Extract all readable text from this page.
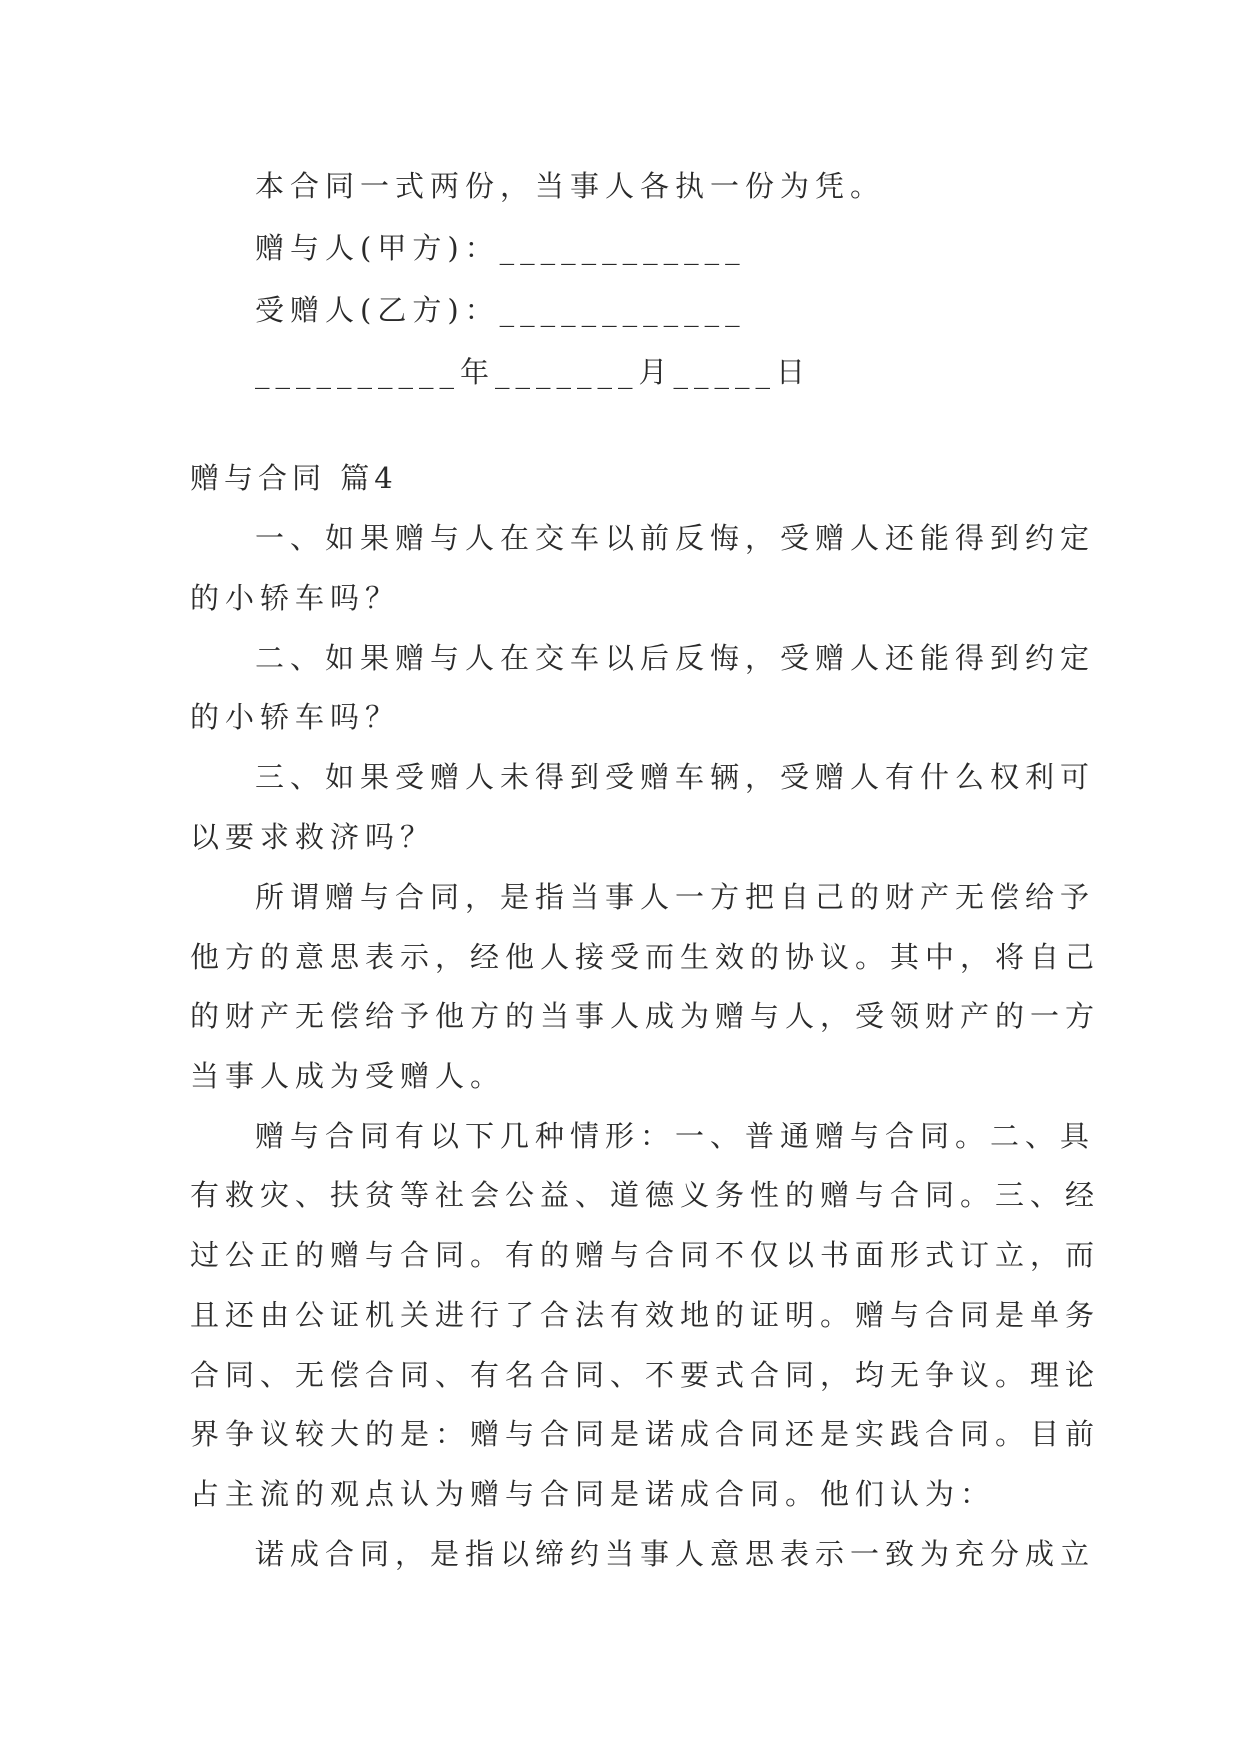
本合同一式两份，当事人各执一份为凭。
赠与人(甲方)：____________
受赠人(乙方)：____________
__________年_______月_____日
赠与合同 篇4
一、如果赠与人在交车以前反悔，受赠人还能得到约定
的小轿车吗？
二、如果赠与人在交车以后反悔，受赠人还能得到约定
的小轿车吗？
三、如果受赠人未得到受赠车辆，受赠人有什么权利可
以要求救济吗？
所谓赠与合同，是指当事人一方把自己的财产无偿给予
他方的意思表示，经他人接受而生效的协议。其中，将自己
的财产无偿给予他方的当事人成为赠与人，受领财产的一方
当事人成为受赠人。
赠与合同有以下几种情形：一、普通赠与合同。二、具
有救灾、扶贫等社会公益、道德义务性的赠与合同。三、经
过公正的赠与合同。有的赠与合同不仅以书面形式订立，而
且还由公证机关进行了合法有效地的证明。赠与合同是单务
合同、无偿合同、有名合同、不要式合同，均无争议。理论
界争议较大的是：赠与合同是诺成合同还是实践合同。目前
占主流的观点认为赠与合同是诺成合同。他们认为：
诺成合同，是指以缔约当事人意思表示一致为充分成立
